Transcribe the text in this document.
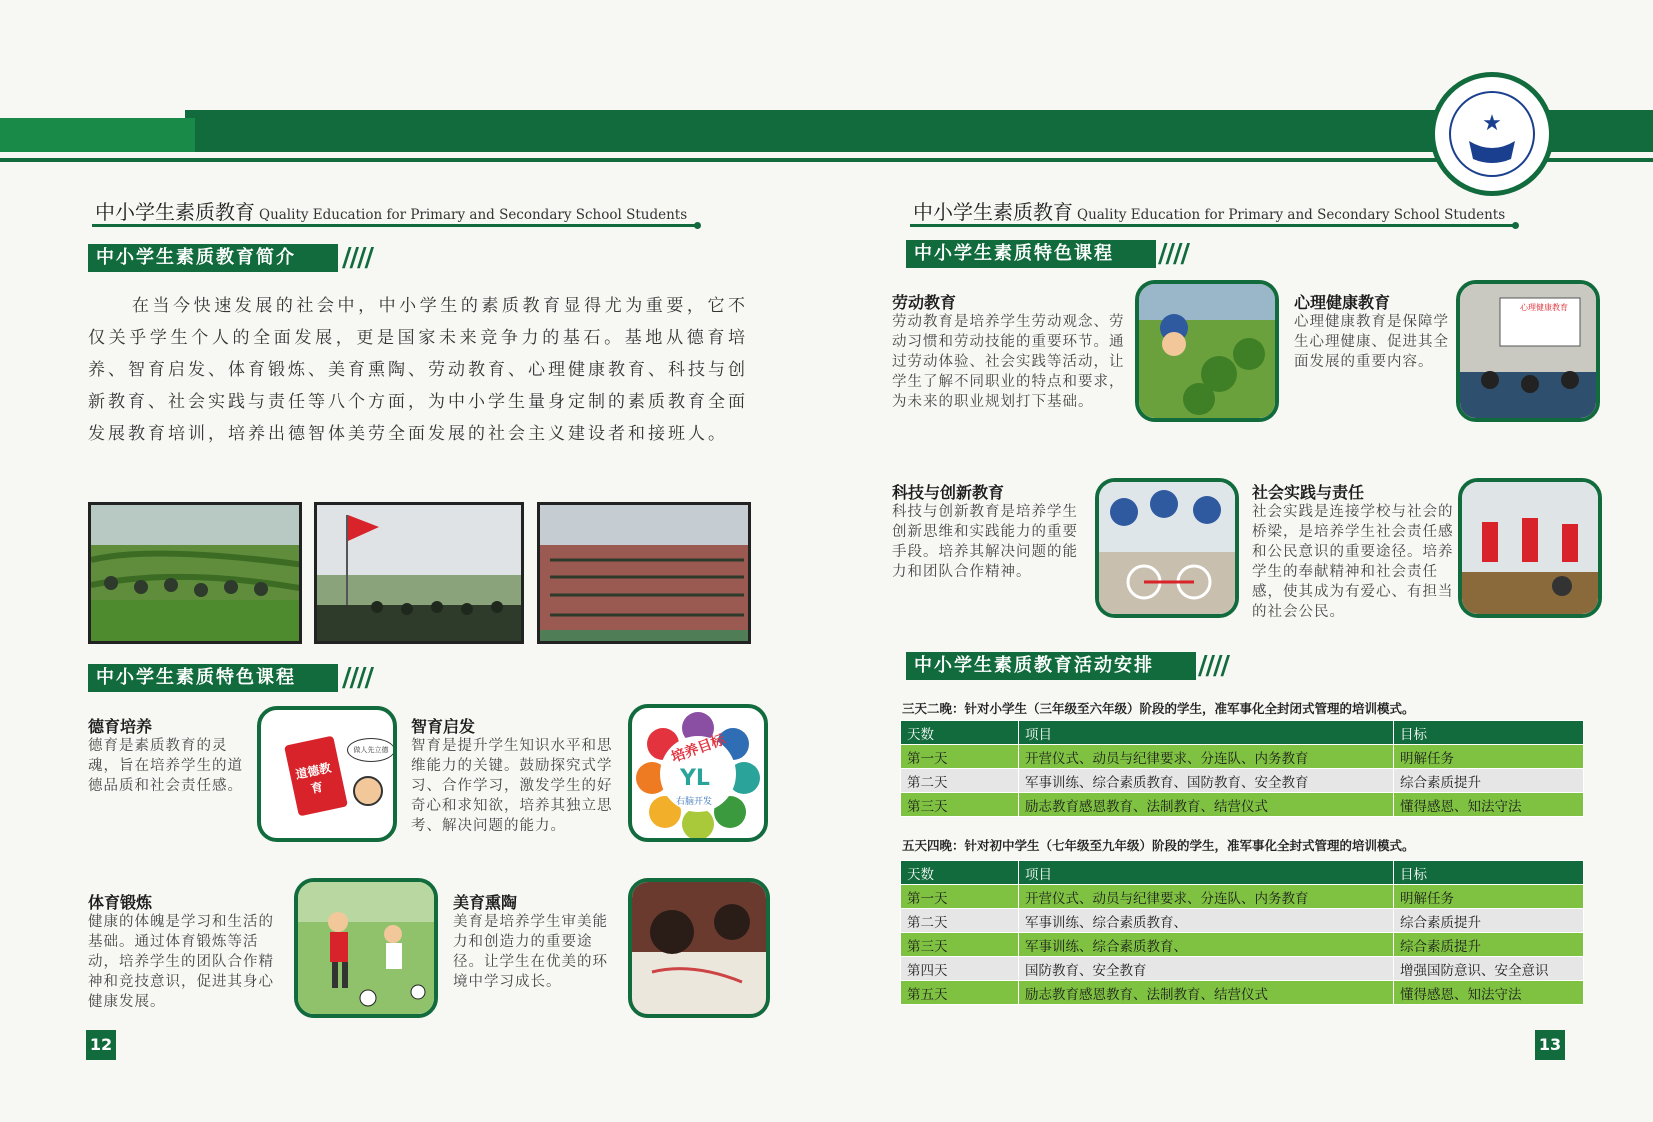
★
中小学生素质教育 Quality Education for Primary and Secondary School Students
中小学生素质教育简介	////
在当今快速发展的社会中，中小学生的素质教育显得尤为重要，它不仅关乎学生个人的全面发展，更是国家未来竞争力的基石。基地从德育培养、智育启发、体育锻炼、美育熏陶、劳动教育、心理健康教育、科技与创新教育、社会实践与责任等八个方面，为中小学生量身定制的素质教育全面发展教育培训，培养出德智体美劳全面发展的社会主义建设者和接班人。
中小学生素质特色课程	////
德育培养
德育是素质教育的灵魂，旨在培养学生的道德品质和社会责任感。
道德教育
做人先立德
智育启发
智育是提升学生知识水平和思维能力的关键。鼓励探究式学习、合作学习，激发学生的好奇心和求知欲，培养其独立思考、解决问题的能力。
培养目标
YL
右脑开发
体育锻炼
健康的体魄是学习和生活的基础。通过体育锻炼等活动，培养学生的团队合作精神和竞技意识，促进其身心健康发展。
美育熏陶
美育是培养学生审美能力和创造力的重要途径。让学生在优美的环境中学习成长。
12
中小学生素质教育 Quality Education for Primary and Secondary School Students
中小学生素质特色课程	////
劳动教育
劳动教育是培养学生劳动观念、劳动习惯和劳动技能的重要环节。通过劳动体验、社会实践等活动，让学生了解不同职业的特点和要求，为未来的职业规划打下基础。
心理健康教育
心理健康教育是保障学生心理健康、促进其全面发展的重要内容。
心理健康教育
科技与创新教育
科技与创新教育是培养学生创新思维和实践能力的重要手段。培养其解决问题的能力和团队合作精神。
社会实践与责任
社会实践是连接学校与社会的桥梁，是培养学生社会责任感和公民意识的重要途径。培养学生的奉献精神和社会责任感，使其成为有爱心、有担当的社会公民。
中小学生素质教育活动安排	////
三天二晚：针对小学生（三年级至六年级）阶段的学生，准军事化全封闭式管理的培训模式。
天数	项目	目标
第一天	开营仪式、动员与纪律要求、分连队、内务教育	明解任务
第二天	军事训练、综合素质教育、国防教育、安全教育	综合素质提升
第三天	励志教育感恩教育、法制教育、结营仪式	懂得感恩、知法守法
五天四晚：针对初中学生（七年级至九年级）阶段的学生，准军事化全封式管理的培训模式。
天数	项目	目标
第一天	开营仪式、动员与纪律要求、分连队、内务教育	明解任务
第二天	军事训练、综合素质教育、	综合素质提升
第三天	军事训练、综合素质教育、	综合素质提升
第四天	国防教育、安全教育	增强国防意识、安全意识
第五天	励志教育感恩教育、法制教育、结营仪式	懂得感恩、知法守法
13
